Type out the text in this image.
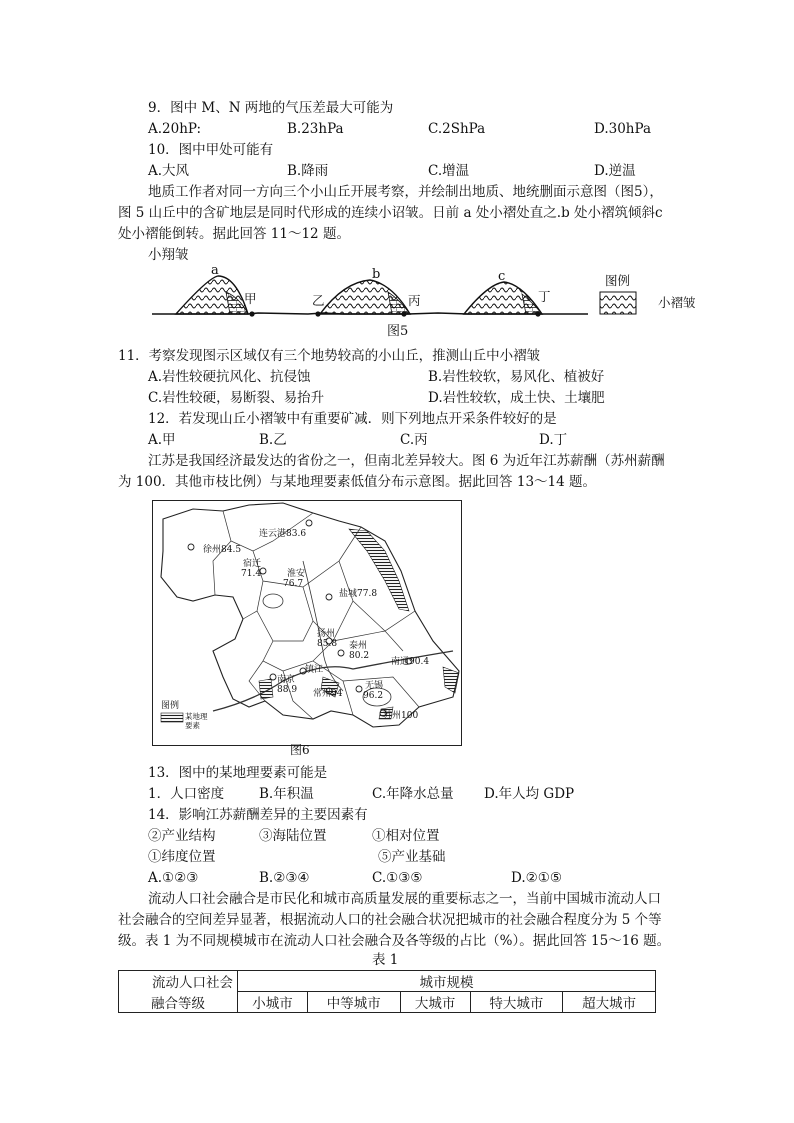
9．图中 M、N 两地的气压差最大可能为
A.20hP:	B.23hPa	C.2ShPa	D.30hPa
10．图中甲处可能有
A.大风	B.降雨	C.增温	D.逆温
地质工作者对同一方向三个小山丘开展考察，并绘制出地质、地统删面示意图（图5），
图 5 山丘中的含矿地层是同时代形成的连续小诏皱。日前 a 处小褶处直之.b 处小褶筑倾斜c
处小褶能倒转。据此回答 11～12 题。
小翔皱
a	b	c
甲	乙	丙	丁
图例
小褶皱
图5
11．考察发现图示区域仅有三个地势较高的小山丘，推测山丘中小褶皱
A.岩性较硬抗风化、抗侵蚀	B.岩性较软，易风化、植被好
C.岩性较硬，易断裂、易抬升	D.岩性较软，成土快、土壤肥
12．若发现山丘小褶皱中有重要矿减．则下列地点开采条件较好的是
A.甲	B.乙	C.丙	D.丁
江苏是我国经济最发达的省份之一，但南北差异较大。图 6 为近年江苏薪酬（苏州薪酬
为 100．其他市枝比例）与某地理要素低值分布示意图。据此回答 13～14 题。
连云港83.6
徐州84.5
宿迁
71.4	淮安
76.7
盐城77.8
扬州
85.8 泰州
80.2
南通90.4
镇江
南京
88.9 常州94
无锡
96.2
苏州100
图例
某地理
要素
图6
13．图中的某地理要素可能是
1．人口密度	B.年积温	C.年降水总量 D.年人均 GDP
14．影响江苏薪酬差异的主要因素有
②产业结构	③海陆位置	①相对位置
①纬度位置	⑤产业基础
A.①②③	B.②③④	C.①③⑤	D.②①⑤
流动人口社会融合是市民化和城市高质量发展的重要标志之一，当前中国城市流动人口
社会融合的空间差异显著，根据流动人口的社会融合状况把城市的社会融合程度分为 5 个等
级。表 1 为不同规模城市在流动人口社会融合及各等级的占比（%）。据此回答 15～16 题。
表 1
流动人口社会	城市规模				
融合等级	小城市	中等城市	大城市	特大城市	超大城市
